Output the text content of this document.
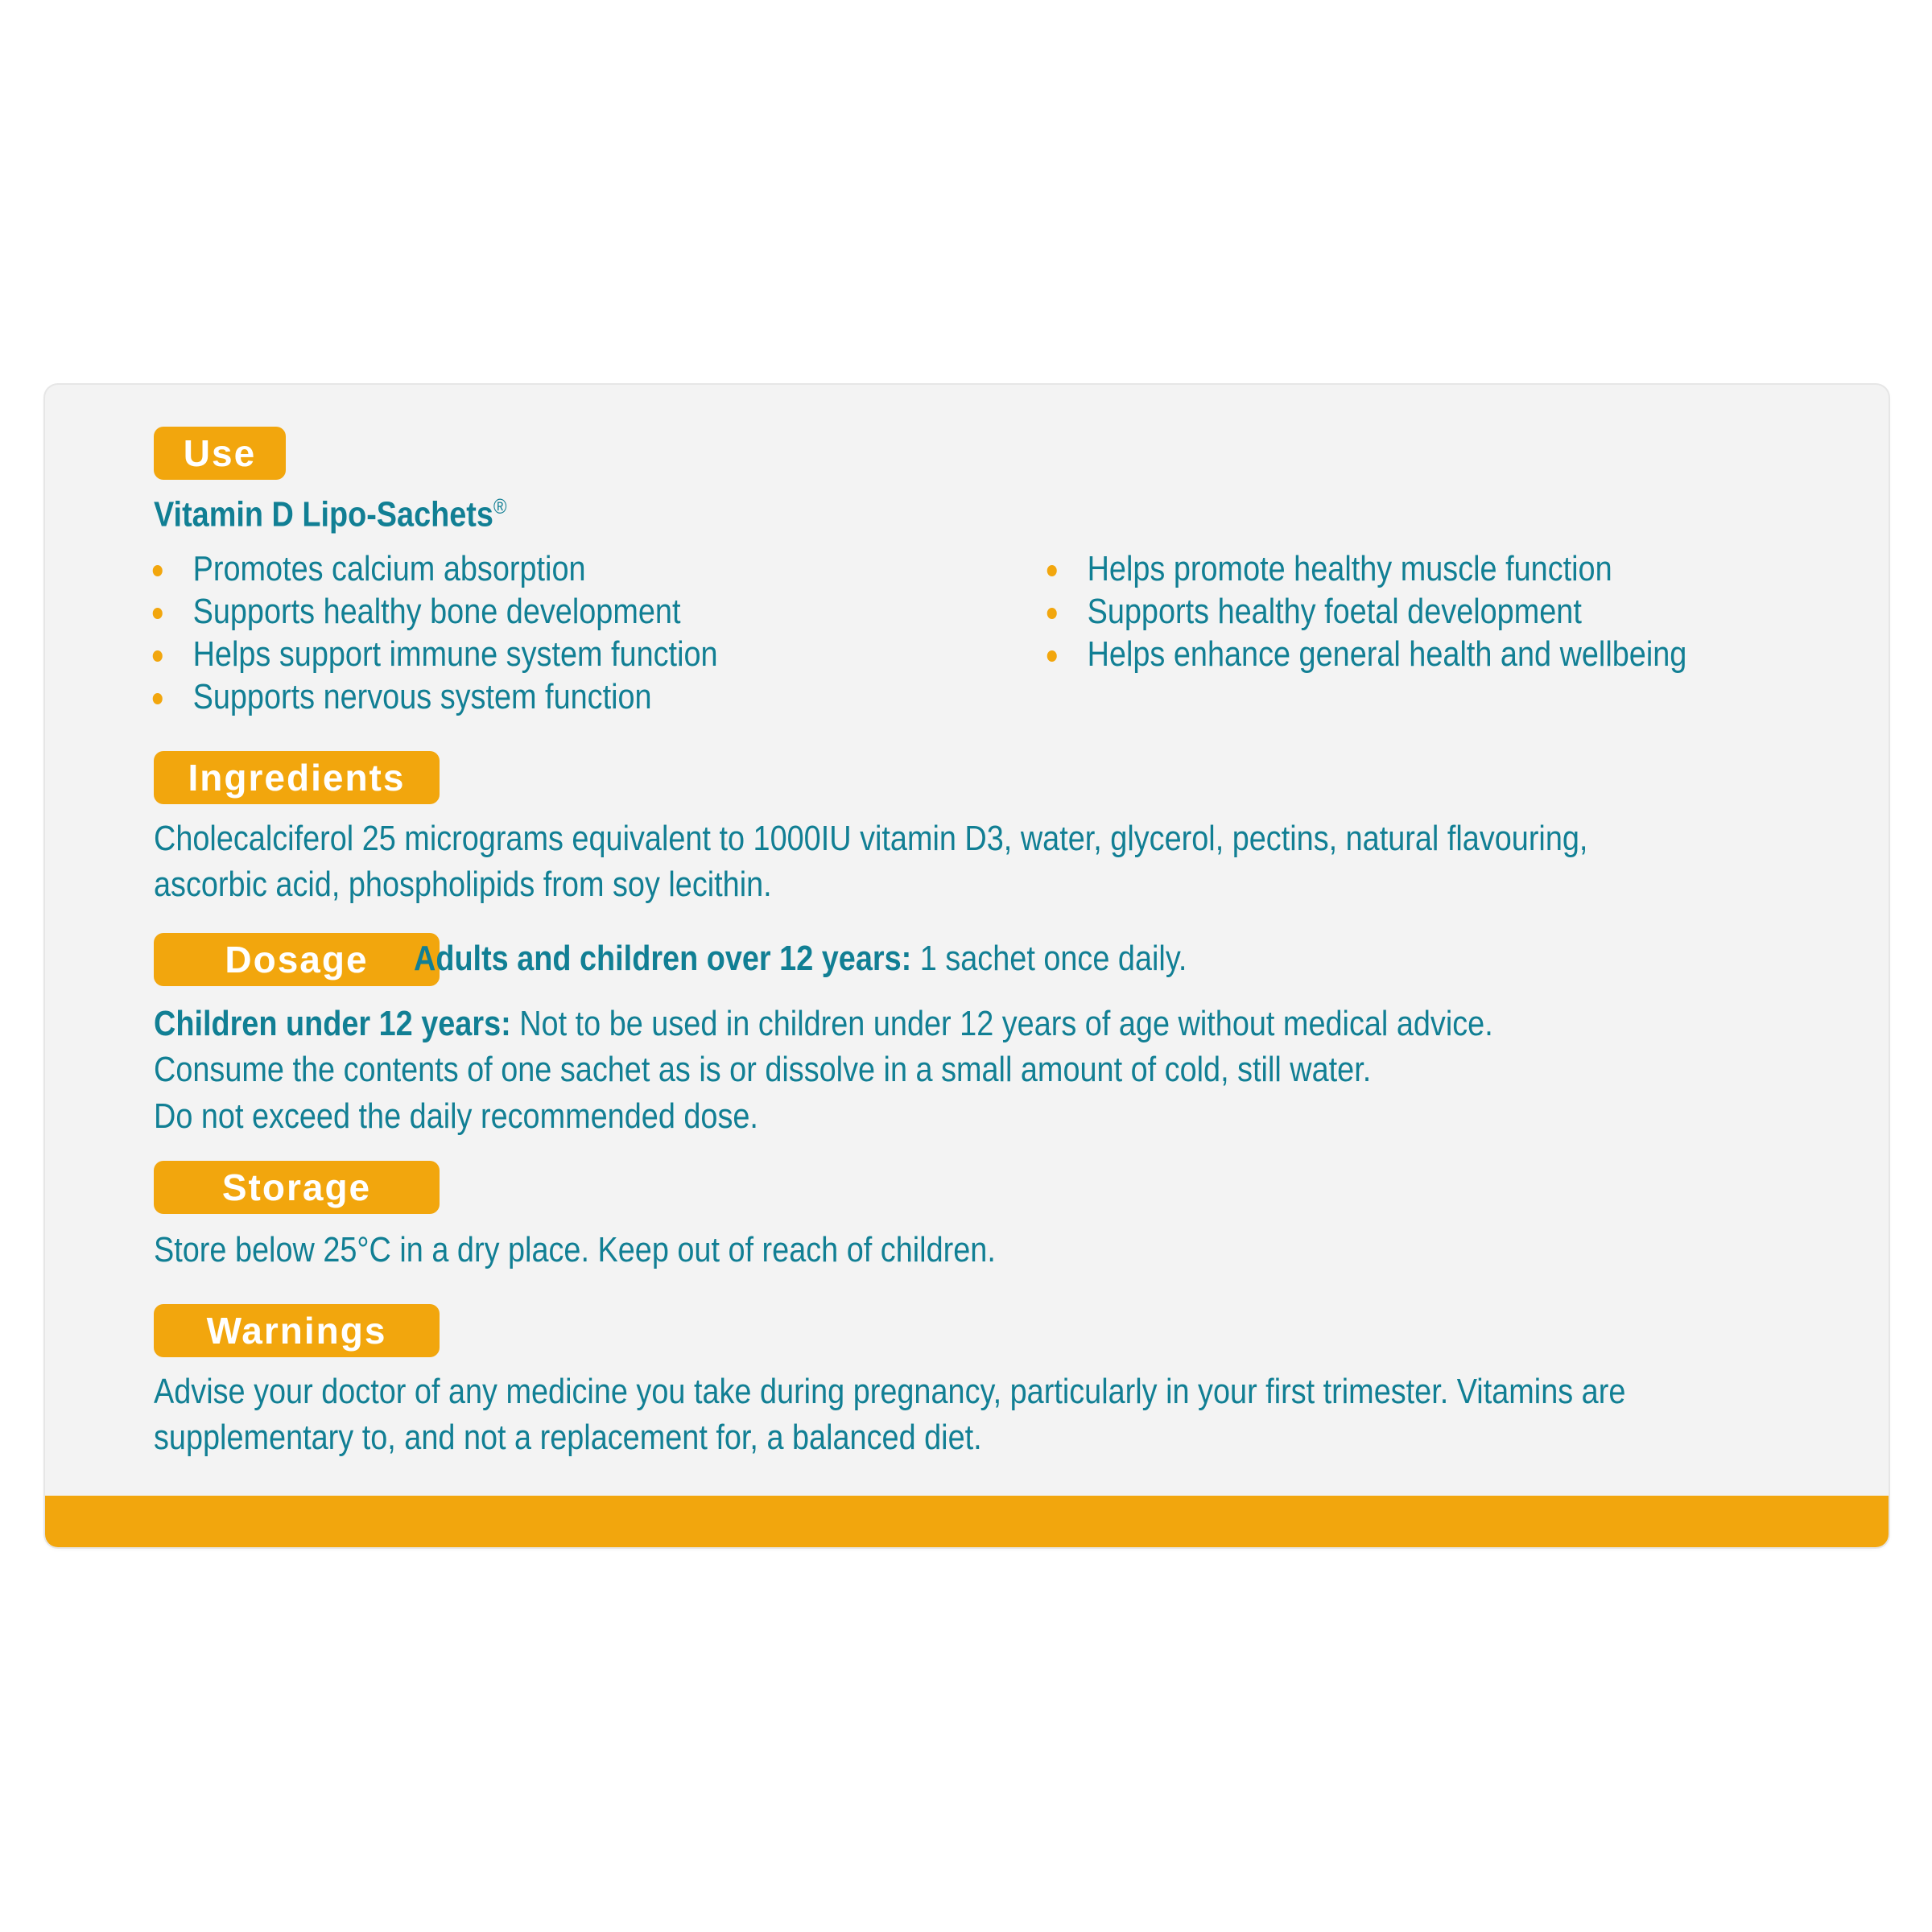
Use
Vitamin D Lipo-Sachets®
Promotes calcium absorption
Supports healthy bone development
Helps support immune system function
Supports nervous system function
Helps promote healthy muscle function
Supports healthy foetal development
Helps enhance general health and wellbeing
Ingredients
Cholecalciferol 25 micrograms equivalent to 1000IU vitamin D3, water, glycerol, pectins, natural flavouring,
ascorbic acid, phospholipids from soy lecithin.
Dosage	Adults and children over 12 years: 1 sachet once daily.
Children under 12 years: Not to be used in children under 12 years of age without medical advice.
Consume the contents of one sachet as is or dissolve in a small amount of cold, still water.
Do not exceed the daily recommended dose.
Storage
Store below 25°C in a dry place. Keep out of reach of children.
Warnings
Advise your doctor of any medicine you take during pregnancy, particularly in your first trimester. Vitamins are
supplementary to, and not a replacement for, a balanced diet.
